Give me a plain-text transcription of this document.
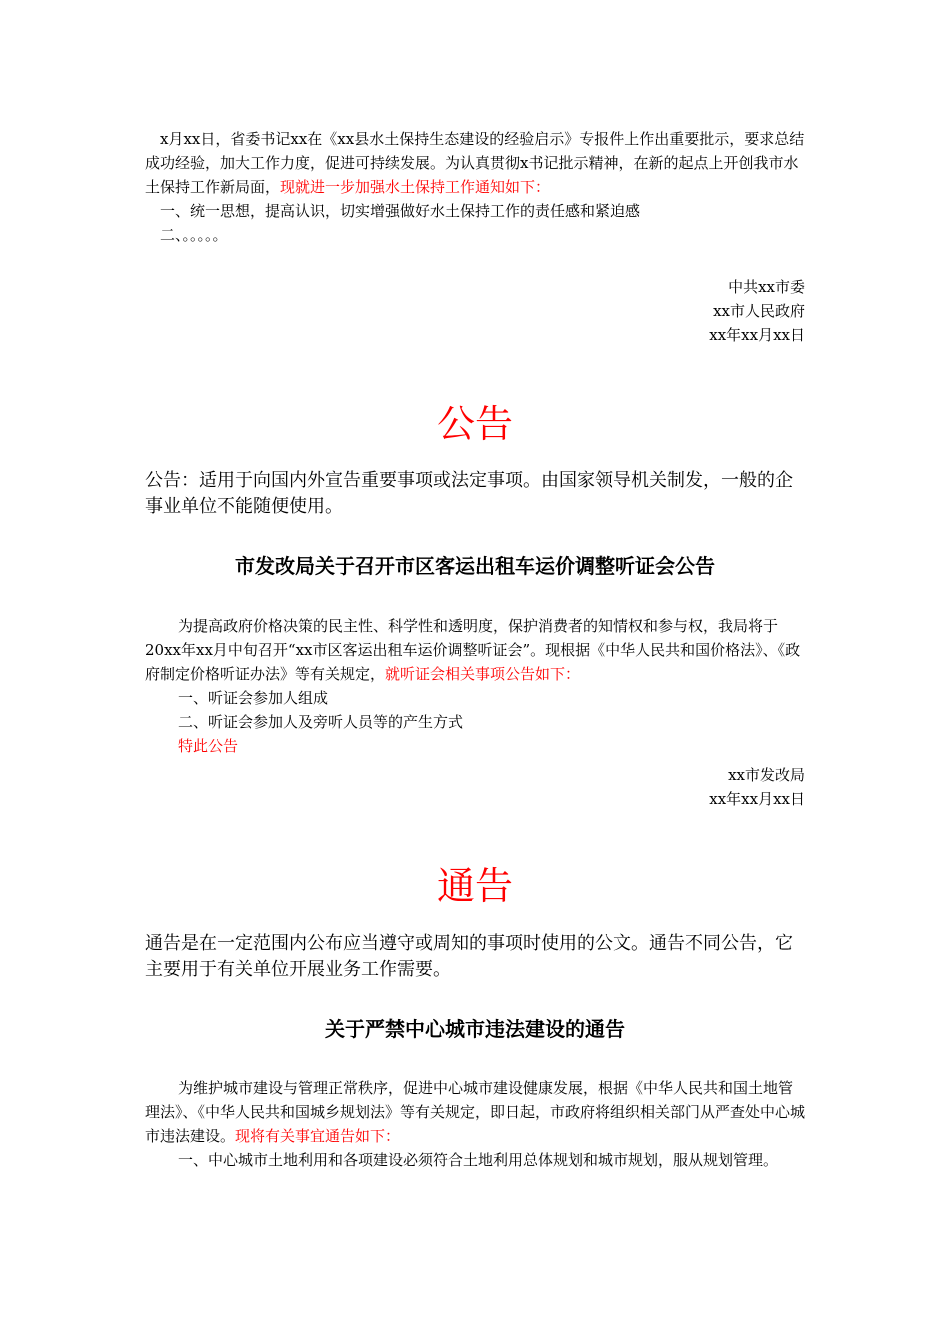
x月xx日，省委书记xx在《xx县水土保持生态建设的经验启示》专报件上作出重要批示，要求总结成功经验，加大工作力度，促进可持续发展。为认真贯彻x书记批示精神，在新的起点上开创我市水土保持工作新局面，现就进一步加强水土保持工作通知如下：

一、统一思想，提高认识，切实增强做好水土保持工作的责任感和紧迫感

二、。。。。。

中共xx市委

xx市人民政府

xx年xx月xx日

公告

公告：适用于向国内外宣告重要事项或法定事项。由国家领导机关制发，一般的企事业单位不能随便使用。

市发改局关于召开市区客运出租车运价调整听证会公告

为提高政府价格决策的民主性、科学性和透明度，保护消费者的知情权和参与权，我局将于20xx年xx月中旬召开“xx市区客运出租车运价调整听证会”。现根据《中华人民共和国价格法》、《政府制定价格听证办法》等有关规定，就听证会相关事项公告如下：

一、听证会参加人组成

二、听证会参加人及旁听人员等的产生方式

特此公告

xx市发改局

xx年xx月xx日

通告

通告是在一定范围内公布应当遵守或周知的事项时使用的公文。通告不同公告，它主要用于有关单位开展业务工作需要。

关于严禁中心城市违法建设的通告

为维护城市建设与管理正常秩序，促进中心城市建设健康发展，根据《中华人民共和国土地管理法》、《中华人民共和国城乡规划法》等有关规定，即日起，市政府将组织相关部门从严查处中心城市违法建设。现将有关事宜通告如下：

一、中心城市土地利用和各项建设必须符合土地利用总体规划和城市规划，服从规划管理。
